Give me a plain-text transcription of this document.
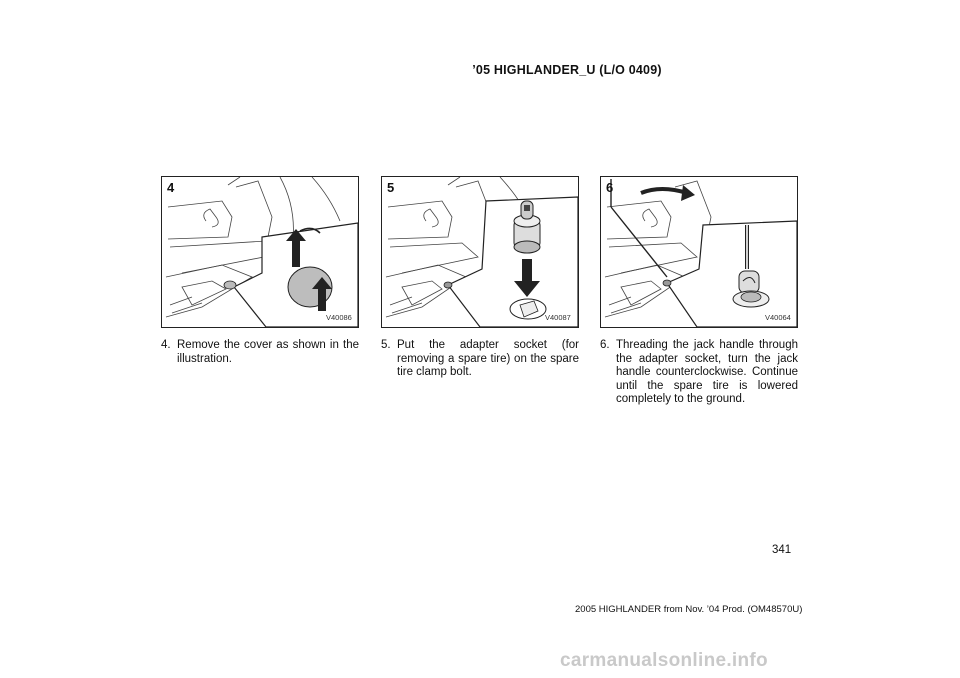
’05 HIGHLANDER_U (L/O 0409)
4
V40086
5
V40087
6
V40064
4. Remove the cover as shown in the illustration.
5. Put the adapter socket (for removing a spare tire) on the spare tire clamp bolt.
6. Threading the jack handle through the adapter socket, turn the jack handle counterclockwise. Continue until the spare tire is lowered completely to the ground.
341
2005 HIGHLANDER from Nov. ’04 Prod. (OM48570U)
carmanualsonline.info
